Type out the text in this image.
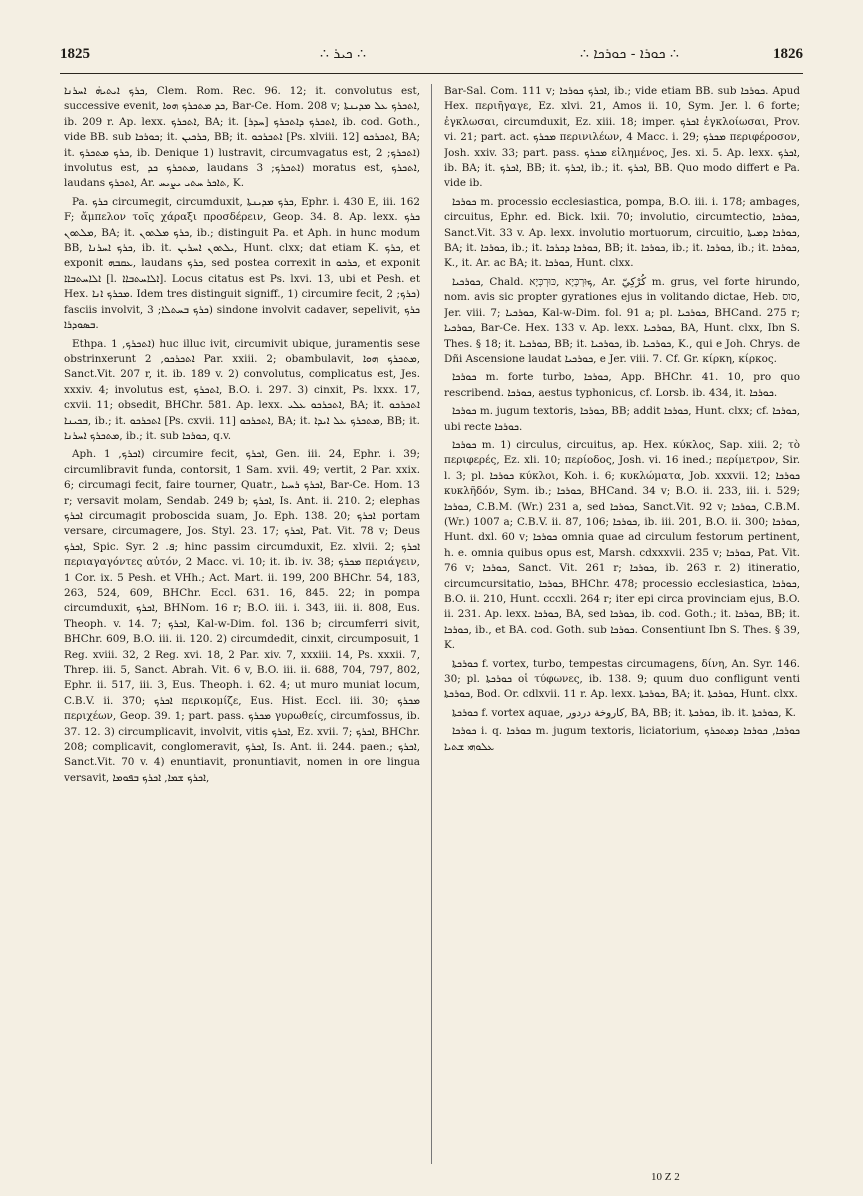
1825	∴ ܟܝܪ ∴	∴ ܟܘܪܐ - ܟܘܪܟܐ ∴	1826

ܟܪܟ ܐܝܬܝܗ̇ ܐܚܪܢܐ, Clem. Rom. Rec. 96. 12; it. convolutus est, successive evenit, ܟܕ ܡܬܟܪܟ ܗܘܐ, Bar-Ce. Hom. 208 v; ܐܬܟܪܟ ܥܠ ܡܕܝܢܬܐ, ib. 209 r. Ap. lexx. ܐܬܟܪܟ, BA; it. ܐܬܟܪܟ ܕܐܬܟܪܟ [ܚܕܪ], ib. cod. Goth., vide BB. sub ܟܘܪܟܐ; it. ܟܪܟܝܢ, BB; it. ܐܬܟܪܟܘ [Ps. xlviii. 12] ܐܬܟܪܟܘ, BA; it. ܟܪܟ ܡܬܟܪܟ, ib. Denique 1) lustravit, circumvagatus est, ܐܬܟܪܟ; 2) involutus est, ܡܬܟܪܟ ܟܕ, laudans ܐܬܟܪܟ; 3) moratus est, ܐܬܟܪܟ, laudans ܐܬܟܪܟ, Ar. ܬܐܟܪ ܚܬܝ ܝܨܝܚ, K.

Pa. ܟܪܟ circumegit, circumduxit, ܟܪܟ ܡܕܝܢܬܐ, Ephr. i. 430 E, iii. 162 F; ἄμπελον τοῖς χάραξι προσδέρειν, Geop. 34. 8. Ap. lexx. ܟܪܟ ܡܠܬܘܢ, BA; it. ܟܪܟ ܡܠܬܘܢ, ib.; distinguit Pa. et Aph. in hunc modum BB, ܟܪܟ ܐܚܪܢܐ, ib. it. ܝܠܬܘܢ ܐܚܪܝܢ, Hunt. clxx; dat etiam K. ܟܪܟ, et exponit ܥܩܒܗ, laudans ܟܪܟ, sed postea correxit in ܟܪܟܘ, et exponit ܐܠܐܚܬܒܐܐ [l. ܐܠܐܚܬܒܐܐ]. Locus citatus est Ps. lxvi. 13, ubi et Pesh. et Hex. ܡܟܪܟ ܐܢܐ. Idem tres distinguit signiff., 1) circumire fecit, ܟܪܟ; 2) fasciis involvit, ܟܪܟ ܒܚܬܠܐ; 3) sindone involvit cadaver, sepelivit, ܟܪܟ ܒܣܘܕܪܐ.

Ethpa. ܐܬܟܪܟ, 1) huc illuc ivit, circumivit ubique, juramentis sese obstrinxerunt ܐܬܟܪܟܘ, 2 Par. xxiii. 2; obambulavit, ܡܬܟܪܟ ܗܘܐ, Sanct.Vit. 207 r, it. ib. 189 v. 2) convolutus, complicatus est, Jes. xxxiv. 4; involutus est, ܐܬܟܪܟ, B.O. i. 297. 3) cinxit, Ps. lxxx. 17, cxvii. 11; obsedit, BHChr. 581. Ap. lexx. ܐܬܟܪܟܘ ܥܠܝ, BA; it. ܐܬܟܪܟܘ ܒܟܝܢܐ, ib.; it. ܐܬܟܪܟܘ [Ps. cxvii. 11] ܐܬܟܪܟܘ, BA; it. ܡܬܟܪܟ ܥܠ ܐܝܕܐ, BB; it. ܡܬܟܪܟ ܐܚܪܢܐ, ib.; it. sub ܟܘܪܟܐ, q.v.

Aph. ܐܟܪܟ, 1) circumire fecit, ܐܟܪܟ, Gen. iii. 24, Ephr. i. 39; circumlibravit funda, contorsit, 1 Sam. xvii. 49; vertit, 2 Par. xxix. 6; circumagi fecit, faire tourner, Quatr., ܐܟܪܟ ܪܚܝܐ, Bar-Ce. Hom. 13 r; versavit molam, Sendab. 249 b; ܐܟܪܟ, Is. Ant. ii. 210. 2; elephas ܐܟܪܟ circumagit proboscida suam, Jo. Eph. 138. 20; ܐܟܪܟ portam versare, circumagere, Jos. Styl. 23. 17; ܐܟܪܟ, Pat. Vit. 78 v; Deus ܐܟܪܟ, Spic. Syr. ܦ. 2; hinc passim circumduxit, Ez. xlvii. 2; ܐܟܪܟ περιαγαγόντες αὐτόν, 2 Macc. vi. 10; it. ib. iv. 38; ܡܟܪܟ περιάγειν, 1 Cor. ix. 5 Pesh. et VHh.; Act. Mart. ii. 199, 200 BHChr. 54, 183, 263, 524, 609, BHChr. Eccl. 631. 16, 845. 22; in pompa circumduxit, ܐܟܪܟ, BHNom. 16 r; B.O. iii. i. 343, iii. ii. 808, Eus. Theoph. v. 14. 7; ܐܟܪܟ, Kal-w-Dim. fol. 136 b; circumferri sivit, BHChr. 609, B.O. iii. ii. 120. 2) circumdedit, cinxit, circumposuit, 1 Reg. xviii. 32, 2 Reg. xvi. 18, 2 Par. xiv. 7, xxxiii. 14, Ps. xxxii. 7, Threp. iii. 5, Sanct. Abrah. Vit. 6 v, B.O. iii. ii. 688, 704, 797, 802, Ephr. ii. 517, iii. 3, Eus. Theoph. i. 62. 4; ut muro muniat locum, C.B.V. ii. 370; ܐܟܪܟ περικομίζε, Eus. Hist. Eccl. iii. 30; ܡܟܪܟ περιχέων, Geop. 39. 1; part. pass. ܡܟܪܟ γυρωθείς, circumfossus, ib. 37. 12. 3) circumplicavit, involvit, vitis ܐܟܪܟ, Ez. xvii. 7; ܐܟܪܟ, BHChr. 208; complicavit, conglomeravit, ܐܟܪܟ, Is. Ant. ii. 244. paen.; ܐܟܪܟ, Sanct.Vit. 70 v. 4) enuntiavit, pronuntiavit, nomen in ore lingua versavit, ܐܟܪܟ ܫܡܐ, ܐܟܪܟ ܒܦܘܡܐ,

Bar-Sal. Com. 111 v; ܐܟܪܟ ܟܘܪܟܐ, ib.; vide etiam BB. sub ܟܘܪܟܐ. Apud Hex. περιῆγαγε, Ez. xlvi. 21, Amos ii. 10, Sym. Jer. l. 6 forte; ἐγκλωσαι, circumduxit, Ez. xiii. 18; imper. ܐܟܪܟ ἐγκλοίωσαι, Prov. vi. 21; part. act. ܡܟܪܟ περινιλέων, 4 Macc. i. 29; ܡܟܪܟ περιφέροσον, Josh. xxiv. 33; part. pass. ܡܟܪܟ εἰλημένος, Jes. xi. 5. Ap. lexx. ܐܟܪܟ, ib. BA; it. ܐܟܪܟ, BB; it. ܐܟܪܟ, ib.; it. ܐܟܪܟ, BB. Quo modo differt e Pa. vide ib.

ܟܘܪܟܐ m. processio ecclesiastica, pompa, B.O. iii. i. 178; ambages, circuitus, Ephr. ed. Bick. lxii. 70; involutio, circumtectio, ܟܘܪܟܐ, Sanct.Vit. 33 v. Ap. lexx. involutio mortuorum, circuitio, ܟܘܪܟܐ ܕܡܝܬܐ, BA; it. ܟܘܪܟܐ, ib.; it. ܟܘܪܟܐ ܕܟܪܟܐ, BB; it. ܟܘܪܟܐ, ib.; it. ܟܘܪܟܐ, ib.; it. ܟܘܪܟܐ, K., it. Ar. ac BA; it. ܟܘܪܟܐ, Hunt. clxx.

ܟܘܪܟܝܐ, Chald. ܟּוּרְכְּיָא ,כּוּרְכְּיָא, Ar. كُرْكِيّ m. grus, vel forte hirundo, nom. avis sic propter gyrationes ejus in volitando dictae, Heb. סוס, Jer. viii. 7; ܟܘܪܟܝܐ, Kal-w-Dim. fol. 91 a; pl. ܟܘܪܟܝܐ, BHCand. 275 r; ܟܘܪܟܝܐ, Bar-Ce. Hex. 133 v. Ap. lexx. ܟܘܪܟܝܐ, BA, Hunt. clxx, Ibn S. Thes. § 18; it. ܟܘܪܟܝܐ, BB; it. ܟܘܪܟܝܐ, ib. ܟܘܪܟܝܐ, K., qui e Joh. Chrys. de Dñi Ascensione laudat ܟܘܪܟܝܐ, e Jer. viii. 7. Cf. Gr. κίρκη, κίρκος.

ܟܘܪܟܐ m. forte turbo, ܟܘܪܟܐ, App. BHChr. 41. 10, pro quo rescribend. ܟܘܪܟܐ, aestus typhonicus, cf. Lorsb. ib. 434, it. ܟܘܪܟܐ.

ܟܘܪܟܐ m. jugum textoris, ܟܘܪܟܐ, BB; addit ܟܘܪܟܐ, Hunt. clxx; cf. ܟܘܪܟܐ, ubi recte ܟܘܪܟܐ.

ܟܘܪܟܐ m. 1) circulus, circuitus, ap. Hex. κύκλος, Sap. xiii. 2; τὸ περιφερές, Ez. xli. 10; περίοδος, Josh. vi. 16 ined.; περίμετρον, Sir. l. 3; pl. ܟܘܪܟܐ κύκλοι, Koh. i. 6; κυκλώματα, Job. xxxvii. 12; ܟܘܪܟܐ κυκλῆδόν, Sym. ib.; ܟܘܪܟܐ, BHCand. 34 v; B.O. ii. 233, iii. i. 529; ܟܘܪܟܐ, C.B.M. (Wr.) 231 a, sed ܟܘܪܟܐ, Sanct.Vit. 92 v; ܟܘܪܟܐ, C.B.M. (Wr.) 1007 a; C.B.V. ii. 87, 106; ܟܘܪܟܐ, ib. iii. 201, B.O. ii. 300; ܟܘܪܟܐ, Hunt. dxl. 60 v; ܟܘܪܟܐ omnia quae ad circulum festorum pertinent, h. e. omnia quibus opus est, Marsh. cdxxxvii. 235 v; ܟܘܪܟܐ, Pat. Vit. 76 v; ܟܘܪܟܐ, Sanct. Vit. 261 r; ܟܘܪܟܐ, ib. 263 r. 2) itineratio, circumcursitatio, ܟܘܪܟܐ, BHChr. 478; processio ecclesiastica, ܟܘܪܟܐ, B.O. ii. 210, Hunt. cccxli. 264 r; iter epi circa provinciam ejus, B.O. ii. 231. Ap. lexx. ܟܘܪܟܐ, BA, sed ܟܘܪܟܐ, ib. cod. Goth.; it. ܟܘܪܟܐ, BB; it. ܟܘܪܟܐ, ib., et BA. cod. Goth. sub ܟܘܪܟܐ. Consentiunt Ibn S. Thes. § 39, K.

ܟܘܪܟܬܐ f. vortex, turbo, tempestas circumagens, δίνη, An. Syr. 146. 30; pl. ܟܘܪܟܬܐ οἱ τύφωνες, ib. 138. 9; quum duo confligunt venti ܟܘܪܟܬܐ, Bod. Or. cdlxvii. 11 r. Ap. lexx. ܟܘܪܟܬܐ, BA; it. ܟܘܪܟܬܐ, Hunt. clxx.

ܟܘܪܟܬܐ f. vortex aquae, كاروخة دردور, BA, BB; it. ܟܘܪܟܬܐ, ib. it. ܟܘܪܟܬܐ, K.

ܟܘܪܟܐ i. q. ܟܘܪܟܐ m. jugum textoris, liciatorium, ܟܘܪܟܐ, ܟܘܪܟܐ ܕܡܬܟܪܟ ܥܠܘܗܝ ܫܬܝܐ

10 Z 2
